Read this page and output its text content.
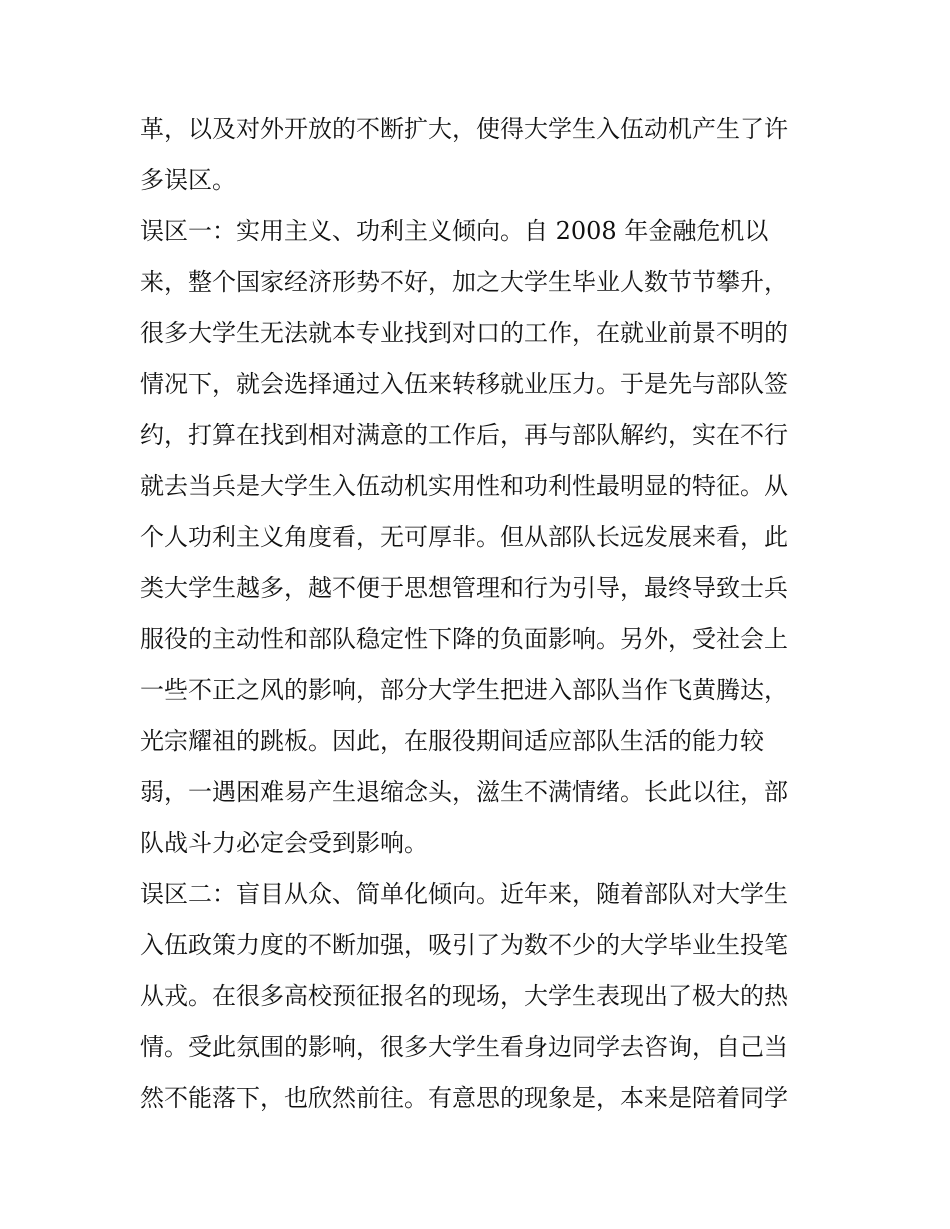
革，以及对外开放的不断扩大，使得大学生入伍动机产生了许
多误区。
误区一：实用主义、功利主义倾向。自 2008 年金融危机以
来，整个国家经济形势不好，加之大学生毕业人数节节攀升，
很多大学生无法就本专业找到对口的工作，在就业前景不明的
情况下，就会选择通过入伍来转移就业压力。于是先与部队签
约，打算在找到相对满意的工作后，再与部队解约，实在不行
就去当兵是大学生入伍动机实用性和功利性最明显的特征。从
个人功利主义角度看，无可厚非。但从部队长远发展来看，此
类大学生越多，越不便于思想管理和行为引导，最终导致士兵
服役的主动性和部队稳定性下降的负面影响。另外，受社会上
一些不正之风的影响，部分大学生把进入部队当作飞黄腾达，
光宗耀祖的跳板。因此，在服役期间适应部队生活的能力较
弱，一遇困难易产生退缩念头，滋生不满情绪。长此以往，部
队战斗力必定会受到影响。
误区二：盲目从众、简单化倾向。近年来，随着部队对大学生
入伍政策力度的不断加强，吸引了为数不少的大学毕业生投笔
从戎。在很多高校预征报名的现场，大学生表现出了极大的热
情。受此氛围的影响，很多大学生看身边同学去咨询，自己当
然不能落下，也欣然前往。有意思的现象是，本来是陪着同学
